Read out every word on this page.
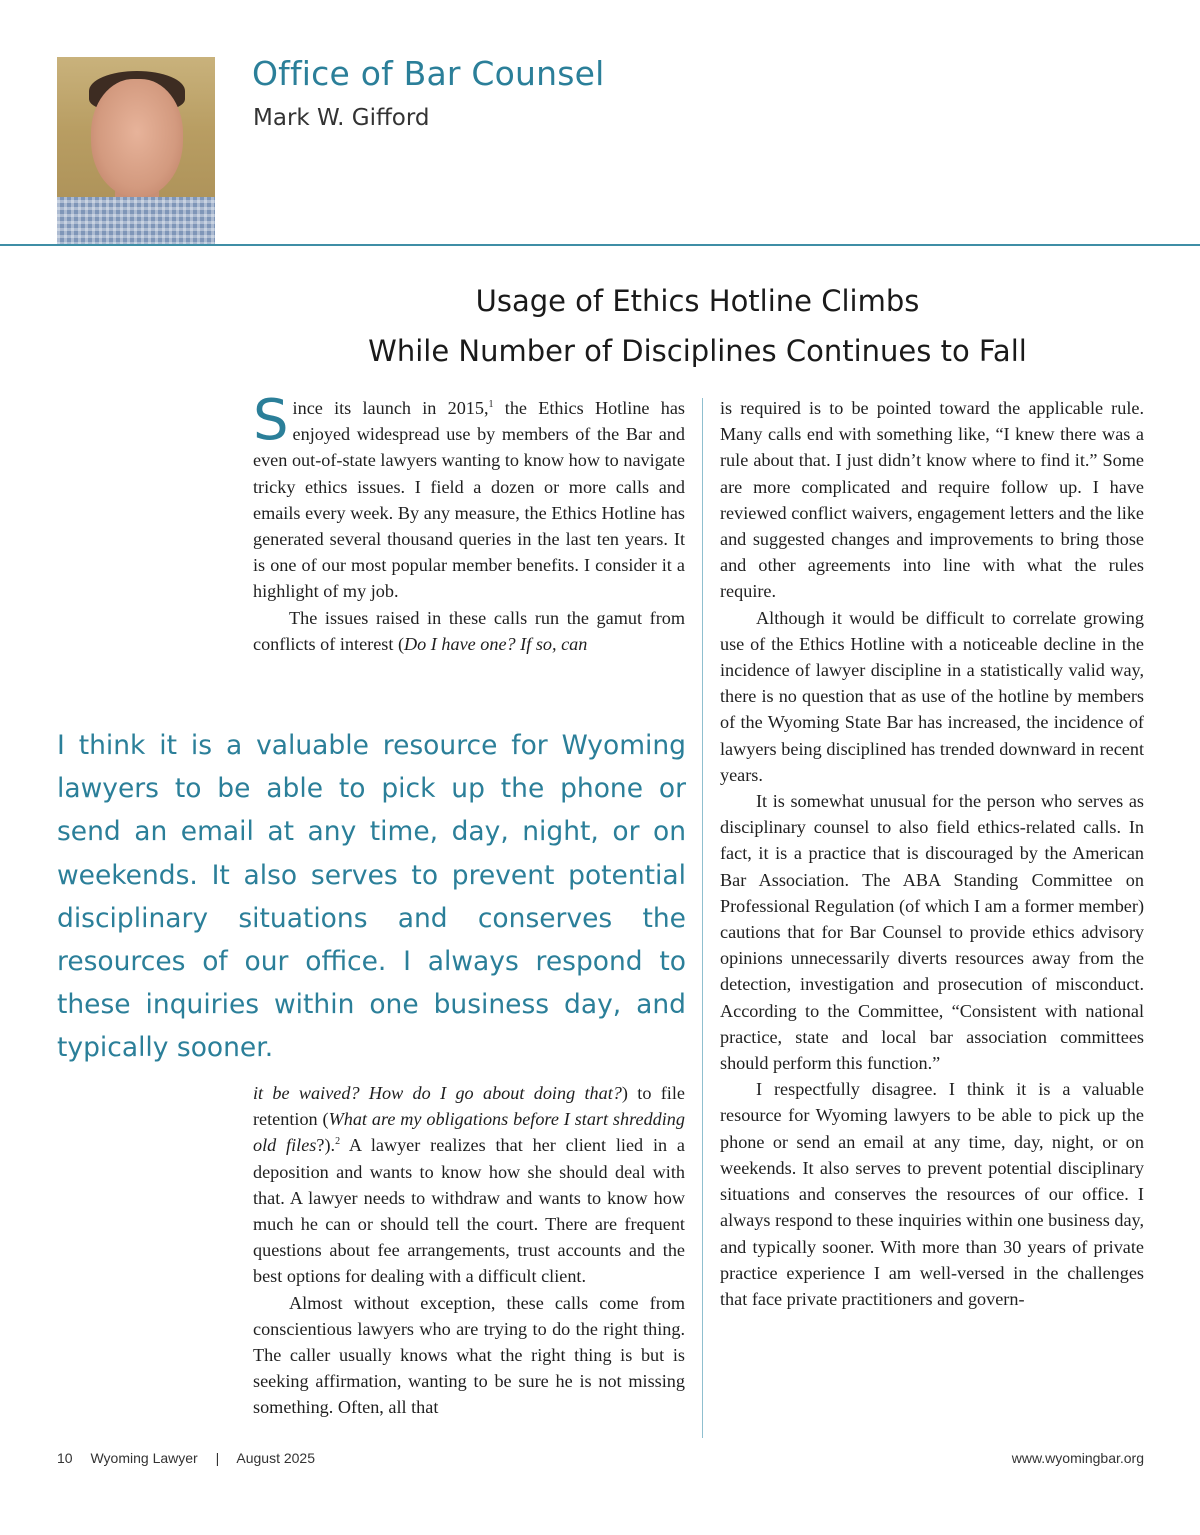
Office of Bar Counsel
Mark W. Gifford
Usage of Ethics Hotline Climbs
While Number of Disciplines Continues to Fall

Since its launch in 2015,$^1$ the Ethics Hotline has enjoyed widespread use by members of the Bar and even out-of-state lawyers wanting to know how to navigate tricky ethics issues. I field a dozen or more calls and emails every week. By any measure, the Ethics Hotline has generated several thousand queries in the last ten years. It is one of our most popular member benefits. I consider it a highlight of my job.

The issues raised in these calls run the gamut from conflicts of interest (Do I have one? If so, can

I think it is a valuable resource for Wyoming lawyers to be able to pick up the phone or send an email at any time, day, night, or on weekends. It also serves to prevent potential disciplinary situations and conserves the resources of our office. I always respond to these inquiries within one business day, and typically sooner.

it be waived? How do I go about doing that?) to file retention (What are my obligations before I start shredding old files?).$^2$ A lawyer realizes that her client lied in a deposition and wants to know how she should deal with that. A lawyer needs to withdraw and wants to know how much he can or should tell the court. There are frequent questions about fee arrangements, trust accounts and the best options for dealing with a difficult client.

Almost without exception, these calls come from conscientious lawyers who are trying to do the right thing. The caller usually knows what the right thing is but is seeking affirmation, wanting to be sure he is not missing something. Often, all that

is required is to be pointed toward the applicable rule. Many calls end with something like, “I knew there was a rule about that. I just didn’t know where to find it.” Some are more complicated and require follow up. I have reviewed conflict waivers, engagement letters and the like and suggested changes and improvements to bring those and other agreements into line with what the rules require.

Although it would be difficult to correlate growing use of the Ethics Hotline with a noticeable decline in the incidence of lawyer discipline in a statistically valid way, there is no question that as use of the hotline by members of the Wyoming State Bar has increased, the incidence of lawyers being disciplined has trended downward in recent years.

It is somewhat unusual for the person who serves as disciplinary counsel to also field ethics-related calls. In fact, it is a practice that is discouraged by the American Bar Association. The ABA Standing Committee on Professional Regulation (of which I am a former member) cautions that for Bar Counsel to provide ethics advisory opinions unnecessarily diverts resources away from the detection, investigation and prosecution of misconduct. According to the Committee, “Consistent with national practice, state and local bar association committees should perform this function.”

I respectfully disagree. I think it is a valuable resource for Wyoming lawyers to be able to pick up the phone or send an email at any time, day, night, or on weekends. It also serves to prevent potential disciplinary situations and conserves the resources of our office. I always respond to these inquiries within one business day, and typically sooner. With more than 30 years of private practice experience I am well-versed in the challenges that face private practitioners and govern-

10 Wyoming Lawyer | August 2025	www.wyomingbar.org
